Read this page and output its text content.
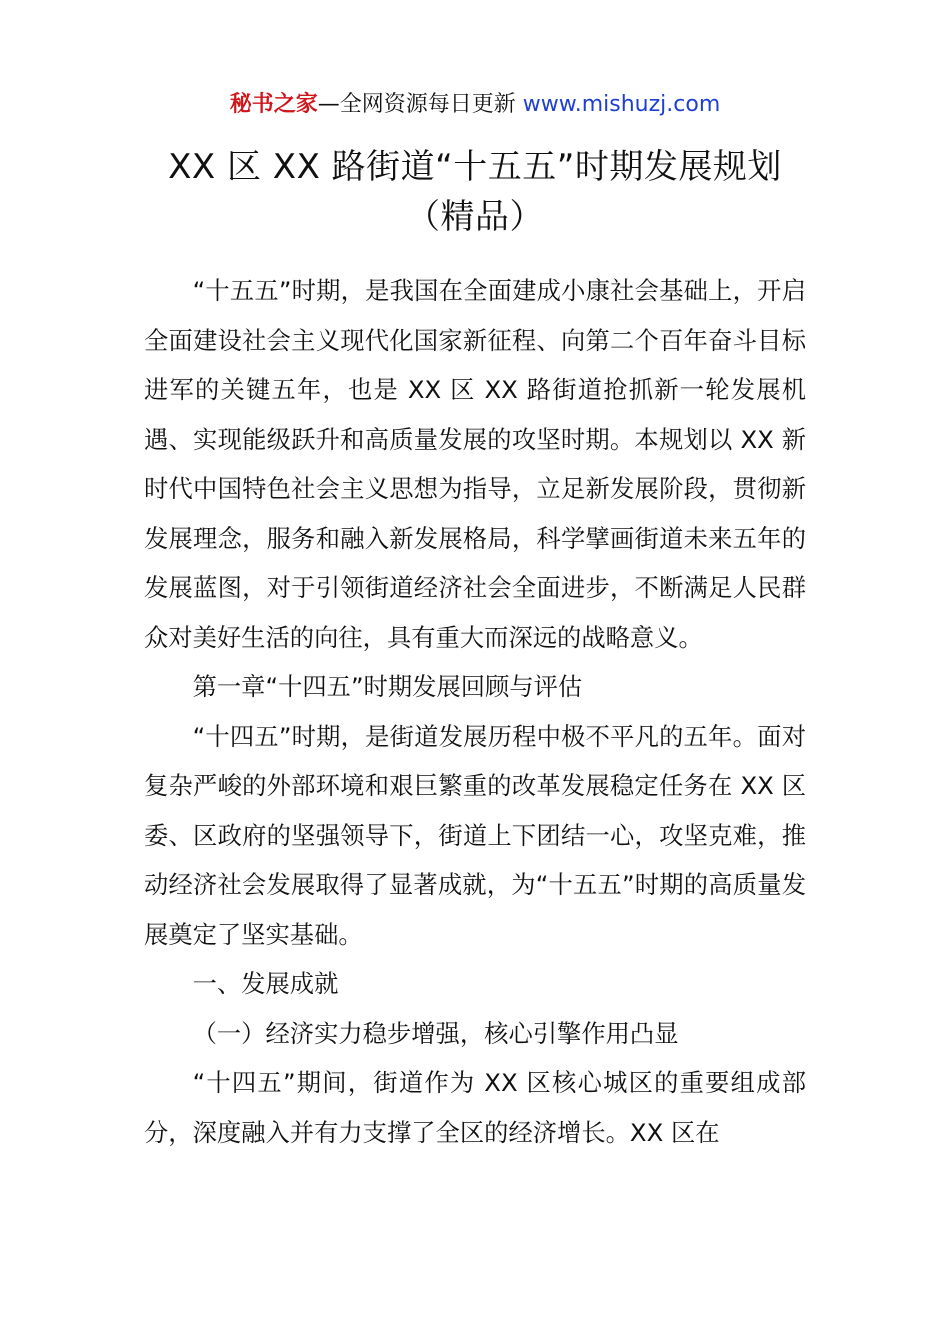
秘书之家—全网资源每日更新 www.mishuzj.com
XX 区 XX 路街道“十五五”时期发展规划
（精品）

“十五五”时期，是我国在全面建成小康社会基础上，开启全面建设社会主义现代化国家新征程、向第二个百年奋斗目标进军的关键五年，也是 XX 区 XX 路街道抢抓新一轮发展机遇、实现能级跃升和高质量发展的攻坚时期。本规划以 XX 新时代中国特色社会主义思想为指导，立足新发展阶段，贯彻新发展理念，服务和融入新发展格局，科学擘画街道未来五年的发展蓝图，对于引领街道经济社会全面进步，不断满足人民群众对美好生活的向往，具有重大而深远的战略意义。

第一章“十四五”时期发展回顾与评估

“十四五”时期，是街道发展历程中极不平凡的五年。面对复杂严峻的外部环境和艰巨繁重的改革发展稳定任务在 XX 区委、区政府的坚强领导下，街道上下团结一心，攻坚克难，推动经济社会发展取得了显著成就，为“十五五”时期的高质量发展奠定了坚实基础。

一、发展成就

（一）经济实力稳步增强，核心引擎作用凸显

“十四五”期间，街道作为 XX 区核心城区的重要组成部分，深度融入并有力支撑了全区的经济增长。XX 区在
